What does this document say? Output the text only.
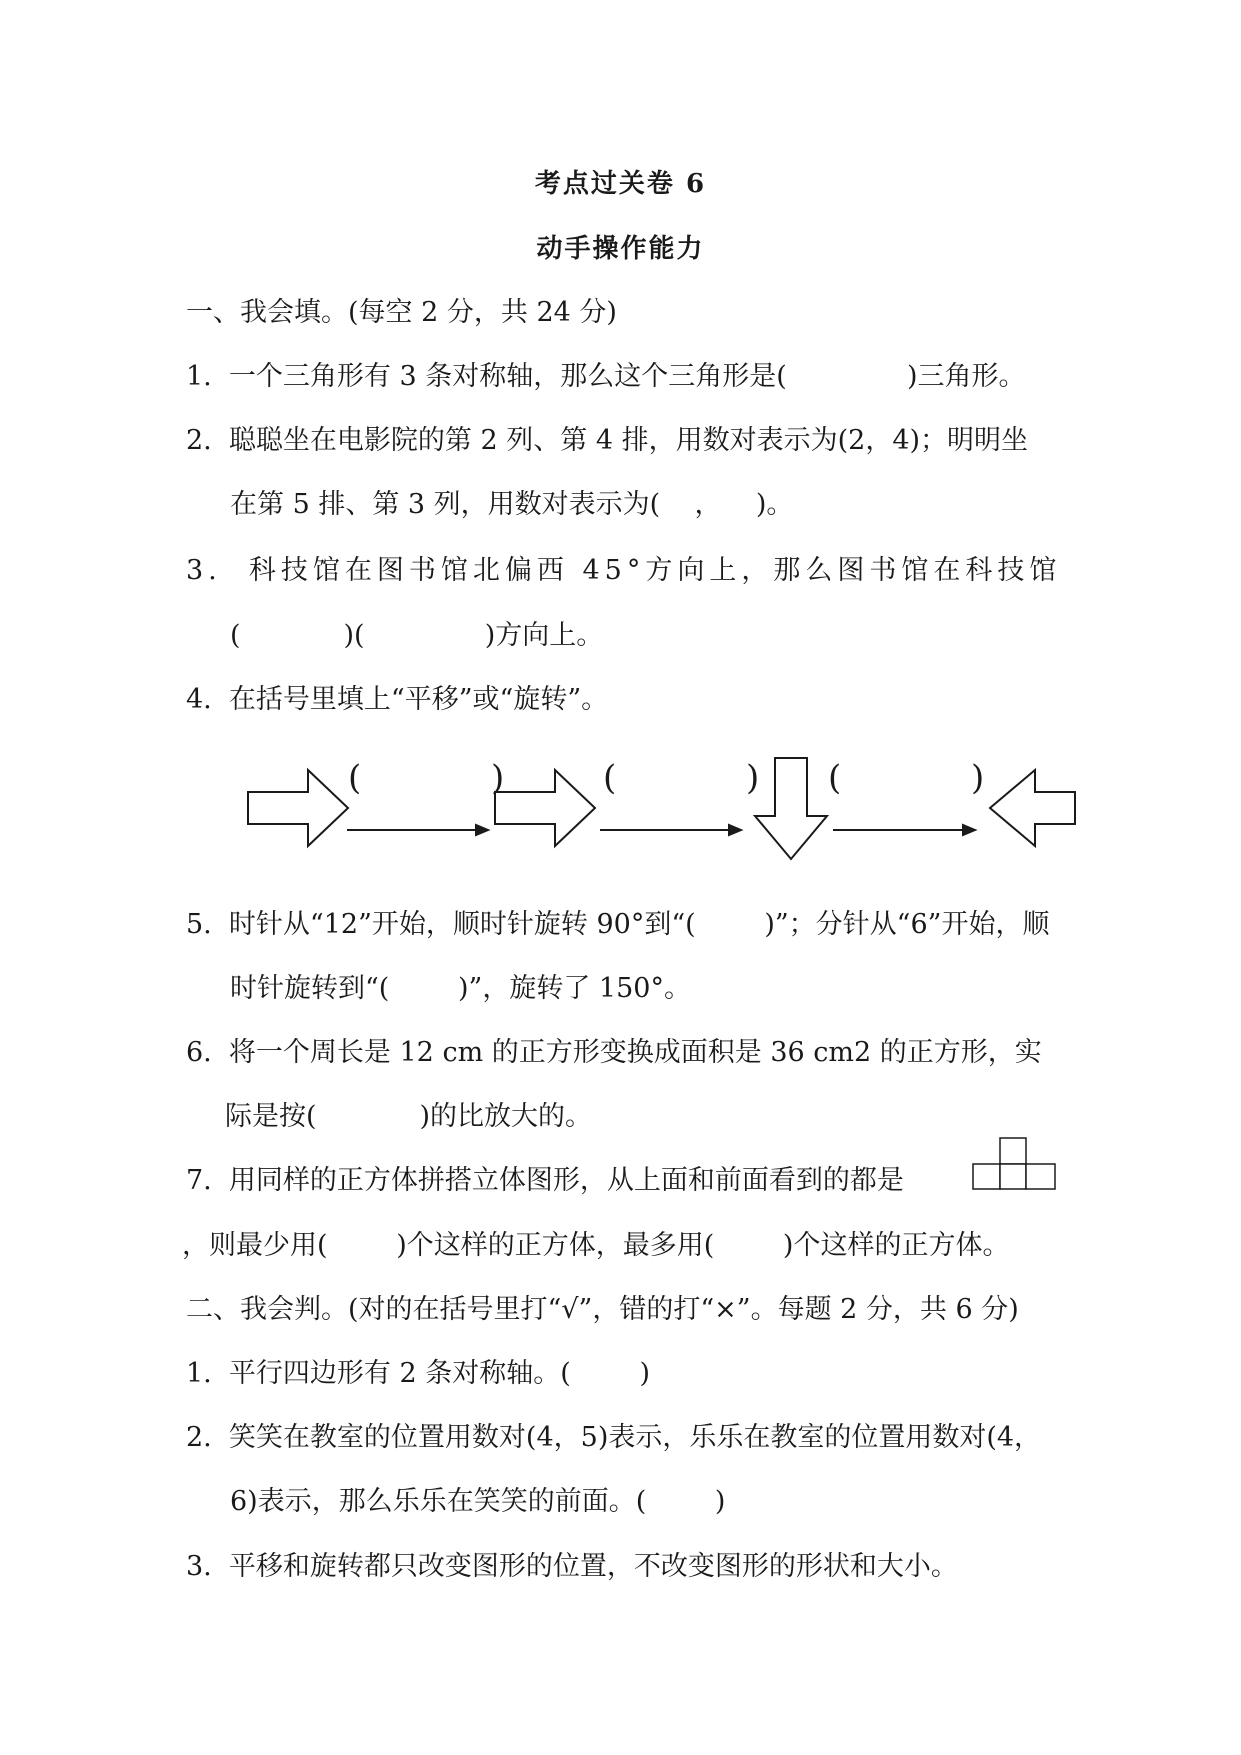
考点过关卷 6
动手操作能力
一、我会填。(每空 2 分，共 24 分)
1.  一个三角形有 3 条对称轴，那么这个三角形是(              )三角形。
2.  聪聪坐在电影院的第 2 列、第 4 排，用数对表示为(2，4)；明明坐
在第 5 排、第 3 列，用数对表示为(    ，    )。
3.  科技馆在图书馆北偏西 45°方向上，那么图书馆在科技馆
(            )(              )方向上。
4.  在括号里填上“平移”或“旋转”。
(            )	(            ) (            )
5.  时针从“12”开始，顺时针旋转 90°到“(        )”；分针从“6”开始，顺
时针旋转到“(        )”，旋转了 150°。
6.  将一个周长是 12 cm 的正方形变换成面积是 36 cm2 的正方形，实
际是按(            )的比放大的。
7.  用同样的正方体拼搭立体图形，从上面和前面看到的都是
，则最少用(        )个这样的正方体，最多用(        )个这样的正方体。
二、我会判。(对的在括号里打“√”，错的打“×”。每题 2 分，共 6 分)
1.  平行四边形有 2 条对称轴。(        )
2.  笑笑在教室的位置用数对(4，5)表示，乐乐在教室的位置用数对(4，
6)表示，那么乐乐在笑笑的前面。(        )
3.  平移和旋转都只改变图形的位置，不改变图形的形状和大小。
